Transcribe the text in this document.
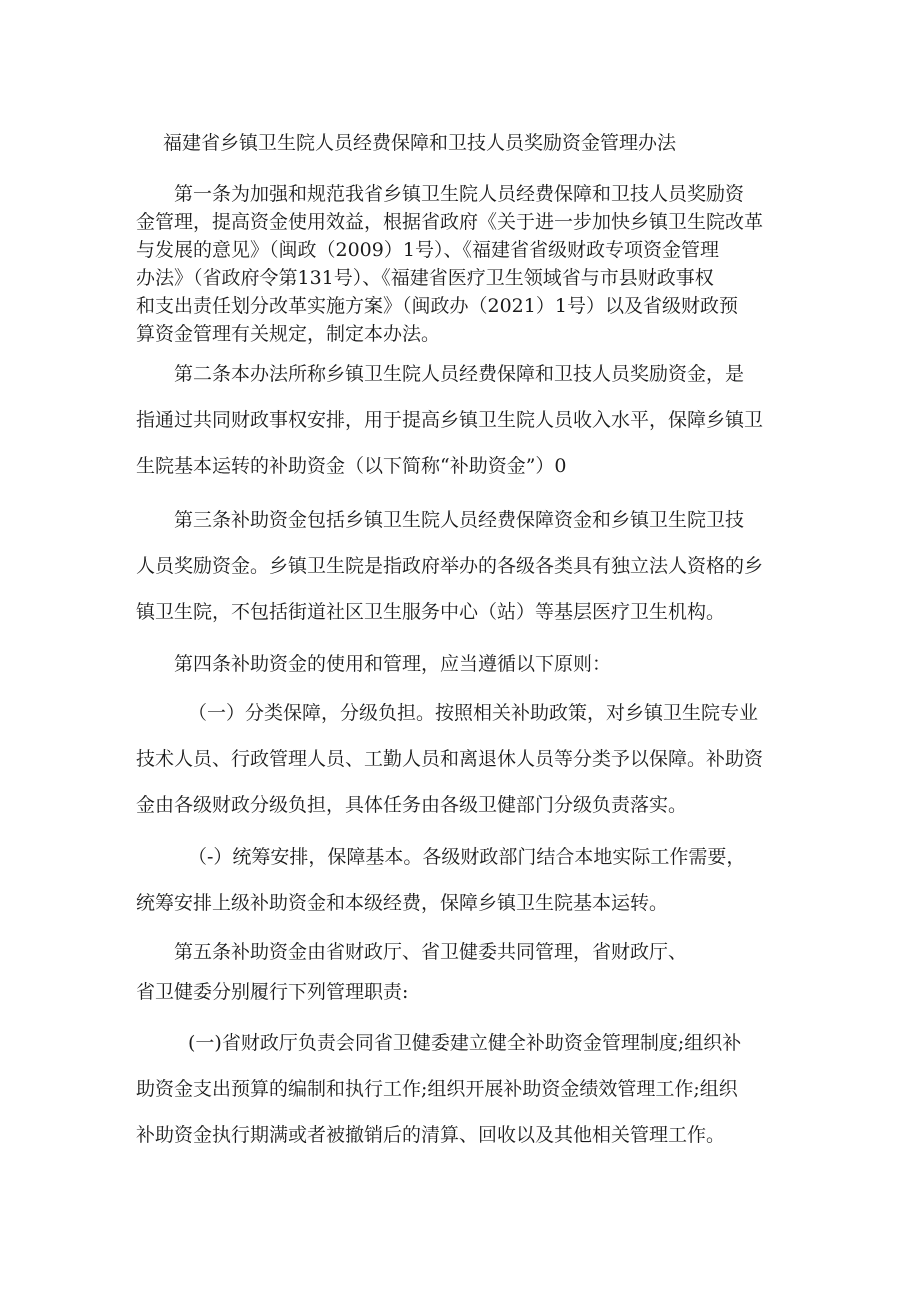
福建省乡镇卫生院人员经费保障和卫技人员奖励资金管理办法

第一条为加强和规范我省乡镇卫生院人员经费保障和卫技人员奖励资
金管理，提高资金使用效益，根据省政府《关于进一步加快乡镇卫生院改革
与发展的意见》（闽政（2009）1号）、《福建省省级财政专项资金管理
办法》（省政府令第131号）、《福建省医疗卫生领域省与市县财政事权
和支出责任划分改革实施方案》（闽政办（2021）1号）以及省级财政预
算资金管理有关规定，制定本办法。

第二条本办法所称乡镇卫生院人员经费保障和卫技人员奖励资金，是
指通过共同财政事权安排，用于提高乡镇卫生院人员收入水平，保障乡镇卫
生院基本运转的补助资金（以下简称“补助资金”）0

第三条补助资金包括乡镇卫生院人员经费保障资金和乡镇卫生院卫技
人员奖励资金。乡镇卫生院是指政府举办的各级各类具有独立法人资格的乡
镇卫生院，不包括街道社区卫生服务中心（站）等基层医疗卫生机构。

第四条补助资金的使用和管理，应当遵循以下原则：

（一）分类保障，分级负担。按照相关补助政策，对乡镇卫生院专业
技术人员、行政管理人员、工勤人员和离退休人员等分类予以保障。补助资
金由各级财政分级负担，具体任务由各级卫健部门分级负责落实。

（-）统筹安排，保障基本。各级财政部门结合本地实际工作需要，
统筹安排上级补助资金和本级经费，保障乡镇卫生院基本运转。

第五条补助资金由省财政厅、省卫健委共同管理，省财政厅、
省卫健委分别履行下列管理职责:

(一)省财政厅负责会同省卫健委建立健全补助资金管理制度;组织补
助资金支出预算的编制和执行工作;组织开展补助资金绩效管理工作;组织
补助资金执行期满或者被撤销后的清算、回收以及其他相关管理工作。
